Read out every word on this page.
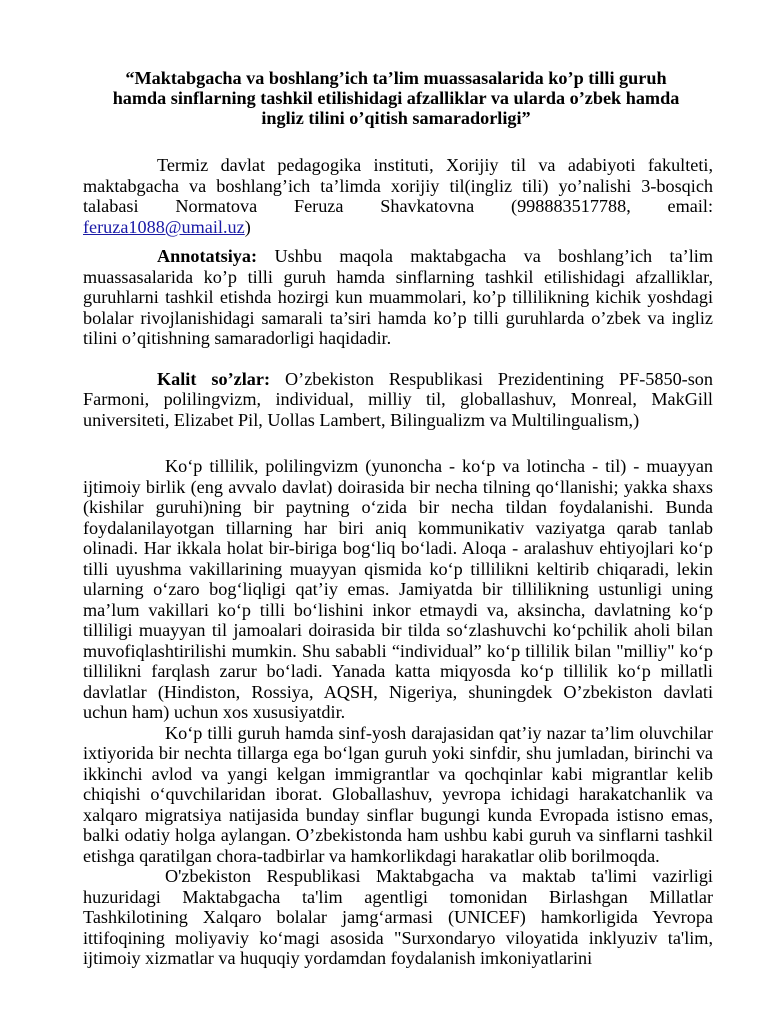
“Maktabgacha va boshlang’ich ta’lim muassasalarida ko’p tilli guruh hamda sinflarning tashkil etilishidagi afzalliklar va ularda o’zbek hamda ingliz tilini o’qitish samaradorligi”

Termiz davlat pedagogika instituti, Xorijiy til va adabiyoti fakulteti, maktabgacha va boshlang’ich ta’limda xorijiy til(ingliz tili) yo’nalishi 3-bosqich talabasi Normatova Feruza Shavkatovna (998883517788, email: feruza1088@umail.uz)

Annotatsiya: Ushbu maqola maktabgacha va boshlang’ich ta’lim muassasalarida ko’p tilli guruh hamda sinflarning tashkil etilishidagi afzalliklar, guruhlarni tashkil etishda hozirgi kun muammolari, ko’p tillilikning kichik yoshdagi bolalar rivojlanishidagi samarali ta’siri hamda ko’p tilli guruhlarda o’zbek va ingliz tilini o’qitishning samaradorligi haqidadir.

Kalit so’zlar: O’zbekiston Respublikasi Prezidentining PF-5850-son Farmoni, polilingvizm, individual, milliy til, globallashuv, Monreal, MakGill universiteti, Elizabet Pil, Uollas Lambert, Bilingualizm va Multilingualism,)

Ko‘p tillilik, polilingvizm (yunoncha - ko‘p va lotincha - til) - muayyan ijtimoiy birlik (eng avvalo davlat) doirasida bir necha tilning qo‘llanishi; yakka shaxs (kishilar guruhi)ning bir paytning o‘zida bir necha tildan foydalanishi. Bunda foydalanilayotgan tillarning har biri aniq kommunikativ vaziyatga qarab tanlab olinadi. Har ikkala holat bir-biriga bog‘liq bo‘ladi. Aloqa - aralashuv ehtiyojlari ko‘p tilli uyushma vakillarining muayyan qismida ko‘p tillilikni keltirib chiqaradi, lekin ularning o‘zaro bog‘liqligi qat’iy emas. Jamiyatda bir tillilikning ustunligi uning ma’lum vakillari ko‘p tilli bo‘lishini inkor etmaydi va, aksincha, davlatning ko‘p tilliligi muayyan til jamoalari doirasida bir tilda so‘zlashuvchi ko‘pchilik aholi bilan muvofiqlashtirilishi mumkin. Shu sababli “individual” ko‘p tillilik bilan "milliy" ko‘p tillilikni farqlash zarur bo‘ladi. Yanada katta miqyosda ko‘p tillilik ko‘p millatli davlatlar (Hindiston, Rossiya, AQSH, Nigeriya, shuningdek O’zbekiston davlati uchun ham) uchun xos xususiyatdir.

Ko‘p tilli guruh hamda sinf-yosh darajasidan qat’iy nazar ta’lim oluvchilar ixtiyorida bir nechta tillarga ega bo‘lgan guruh yoki sinfdir, shu jumladan, birinchi va ikkinchi avlod va yangi kelgan immigrantlar va qochqinlar kabi migrantlar kelib chiqishi o‘quvchilaridan iborat. Globallashuv, yevropa ichidagi harakatchanlik va xalqaro migratsiya natijasida bunday sinflar bugungi kunda Evropada istisno emas, balki odatiy holga aylangan. O’zbekistonda ham ushbu kabi guruh va sinflarni tashkil etishga qaratilgan chora-tadbirlar va hamkorlikdagi harakatlar olib borilmoqda.

O'zbekiston Respublikasi Maktabgacha va maktab ta'limi vazirligi huzuridagi Maktabgacha ta'lim agentligi tomonidan Birlashgan Millatlar Tashkilotining Xalqaro bolalar jamg‘armasi (UNICEF) hamkorligida Yevropa ittifoqining moliyaviy ko‘magi asosida "Surxondaryo viloyatida inklyuziv ta'lim, ijtimoiy xizmatlar va huquqiy yordamdan foydalanish imkoniyatlarini
